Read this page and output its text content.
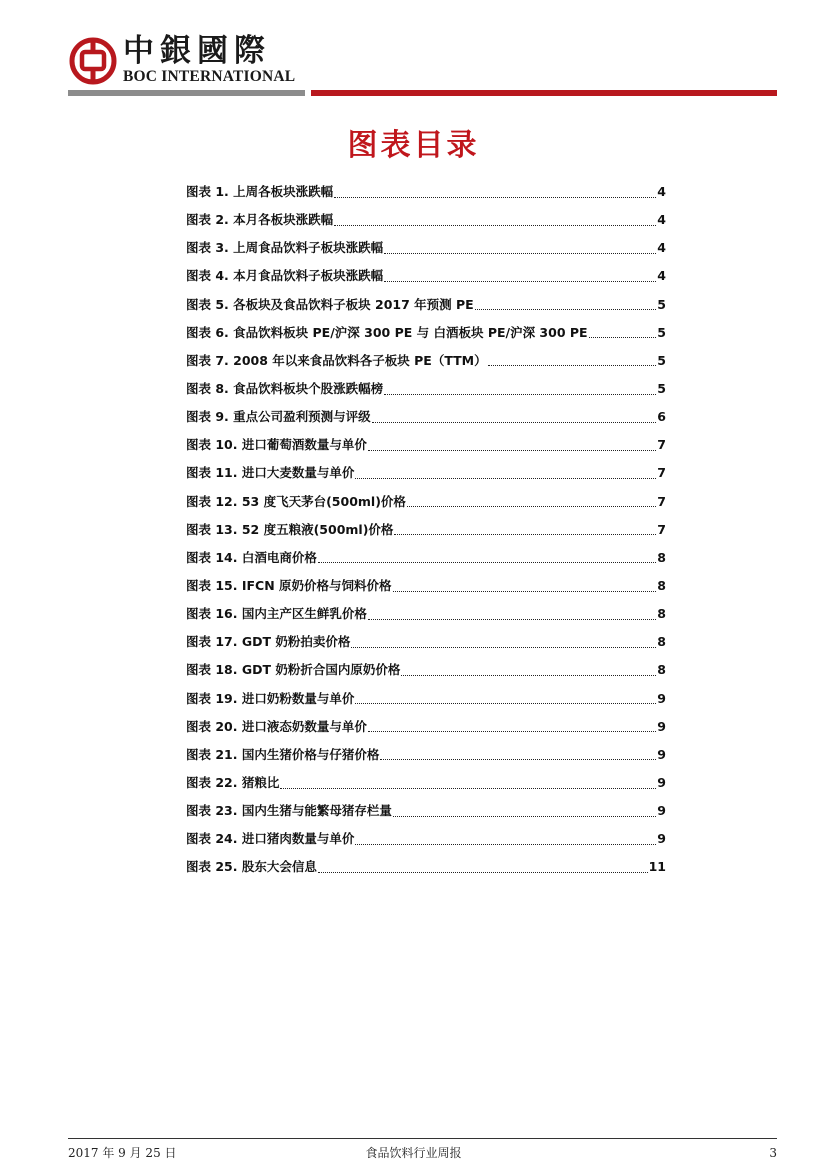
中銀國際
BOC INTERNATIONAL
图表目录
图表 1. 上周各板块涨跌幅	4
图表 2. 本月各板块涨跌幅	4
图表 3. 上周食品饮料子板块涨跌幅	4
图表 4. 本月食品饮料子板块涨跌幅	4
图表 5. 各板块及食品饮料子板块 2017 年预测 PE	5
图表 6. 食品饮料板块 PE/沪深 300 PE 与 白酒板块 PE/沪深 300 PE	5
图表 7. 2008 年以来食品饮料各子板块 PE（TTM）	5
图表 8. 食品饮料板块个股涨跌幅榜	5
图表 9. 重点公司盈利预测与评级	6
图表 10. 进口葡萄酒数量与单价	7
图表 11. 进口大麦数量与单价	7
图表 12. 53 度飞天茅台(500ml)价格	7
图表 13. 52 度五粮液(500ml)价格	7
图表 14. 白酒电商价格	8
图表 15. IFCN 原奶价格与饲料价格	8
图表 16. 国内主产区生鲜乳价格	8
图表 17. GDT 奶粉拍卖价格	8
图表 18. GDT 奶粉折合国内原奶价格	8
图表 19. 进口奶粉数量与单价	9
图表 20. 进口液态奶数量与单价	9
图表 21. 国内生猪价格与仔猪价格	9
图表 22. 猪粮比	9
图表 23. 国内生猪与能繁母猪存栏量	9
图表 24. 进口猪肉数量与单价	9
图表 25. 股东大会信息	11
2017 年 9 月 25 日	食品饮料行业周报	3
